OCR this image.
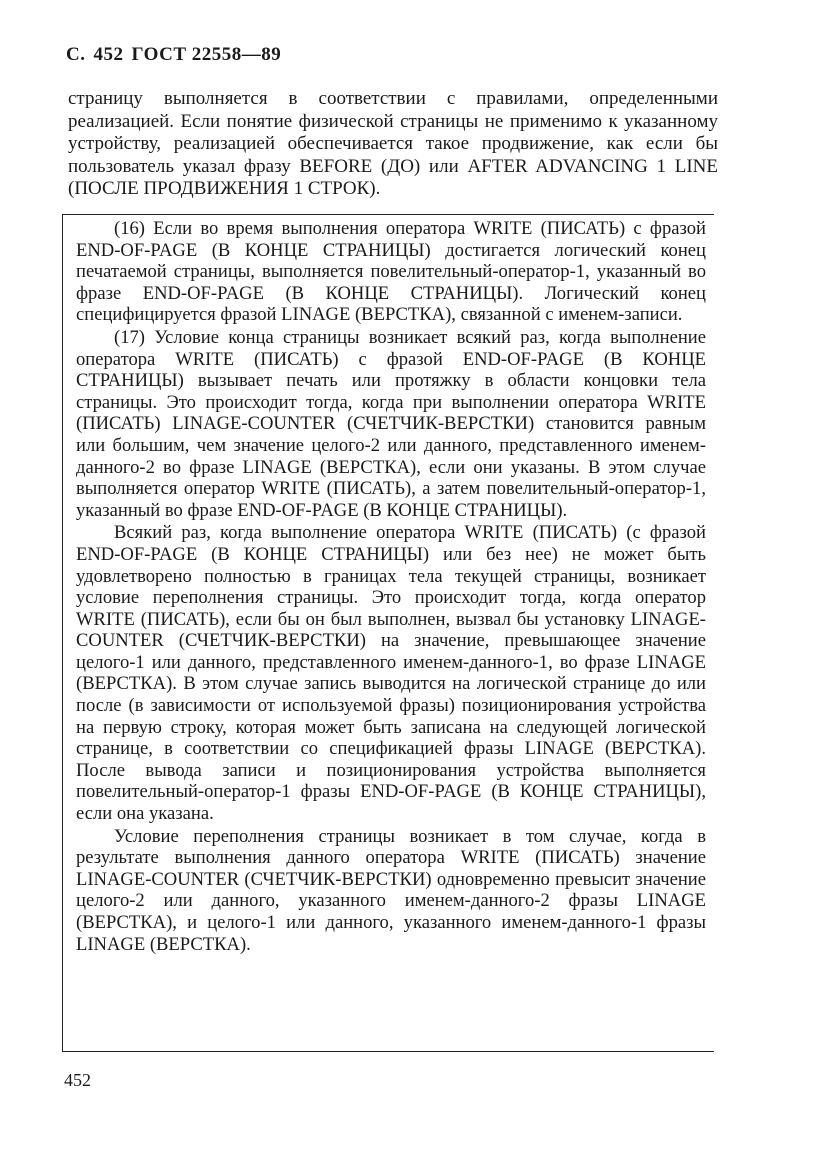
С. 452 ГОСТ 22558—89
страницу выполняется в соответствии с правилами, определенными реализацией. Если понятие физической страницы не применимо к указанному устройству, реализацией обеспечивается такое продвижение, как если бы пользователь указал фразу BEFORE (ДО) или AFTER ADVANCING 1 LINE (ПОСЛЕ ПРОДВИЖЕНИЯ 1 СТРОК).

(16) Если во время выполнения оператора WRITE (ПИСАТЬ) с фразой END-OF-PAGE (В КОНЦЕ СТРАНИЦЫ) достигается логический конец печатаемой страницы, выполняется повелительный-оператор-1, указанный во фразе END-OF-PAGE (В КОНЦЕ СТРАНИЦЫ). Логический конец специфицируется фразой LINAGE (ВЕРСТКА), связанной с именем-записи.

(17) Условие конца страницы возникает всякий раз, когда выполнение оператора WRITE (ПИСАТЬ) с фразой END-OF-PAGE (В КОНЦЕ СТРАНИЦЫ) вызывает печать или протяжку в области концовки тела страницы. Это происходит тогда, когда при выполнении оператора WRITE (ПИСАТЬ) LINAGE-COUNTER (СЧЕТЧИК-ВЕРСТКИ) становится равным или большим, чем значение целого-2 или данного, представленного именем-данного-2 во фразе LINAGE (ВЕРСТКА), если они указаны. В этом случае выполняется оператор WRITE (ПИСАТЬ), а затем повелительный-оператор-1, указанный во фразе END-OF-PAGE (В КОНЦЕ СТРАНИЦЫ).

Всякий раз, когда выполнение оператора WRITE (ПИСАТЬ) (с фразой END-OF-PAGE (В КОНЦЕ СТРАНИЦЫ) или без нее) не может быть удовлетворено полностью в границах тела текущей страницы, возникает условие переполнения страницы. Это происходит тогда, когда оператор WRITE (ПИСАТЬ), если бы он был выполнен, вызвал бы установку LINAGE-COUNTER (СЧЕТЧИК-ВЕРСТКИ) на значение, превышающее значение целого-1 или данного, представленного именем-данного-1, во фразе LINAGE (ВЕРСТКА). В этом случае запись выводится на логической странице до или после (в зависимости от используемой фразы) позиционирования устройства на первую строку, которая может быть записана на следующей логической странице, в соответствии со спецификацией фразы LINAGE (ВЕРСТКА). После вывода записи и позиционирования устройства выполняется повелительный-оператор-1 фразы END-OF-PAGE (В КОНЦЕ СТРАНИЦЫ), если она указана.

Условие переполнения страницы возникает в том случае, когда в результате выполнения данного оператора WRITE (ПИСАТЬ) значение LINAGE-COUNTER (СЧЕТЧИК-ВЕРСТКИ) одновременно превысит значение целого-2 или данного, указанного именем-данного-2 фразы LINAGE (ВЕРСТКА), и целого-1 или данного, указанного именем-данного-1 фразы LINAGE (ВЕРСТКА).

452
